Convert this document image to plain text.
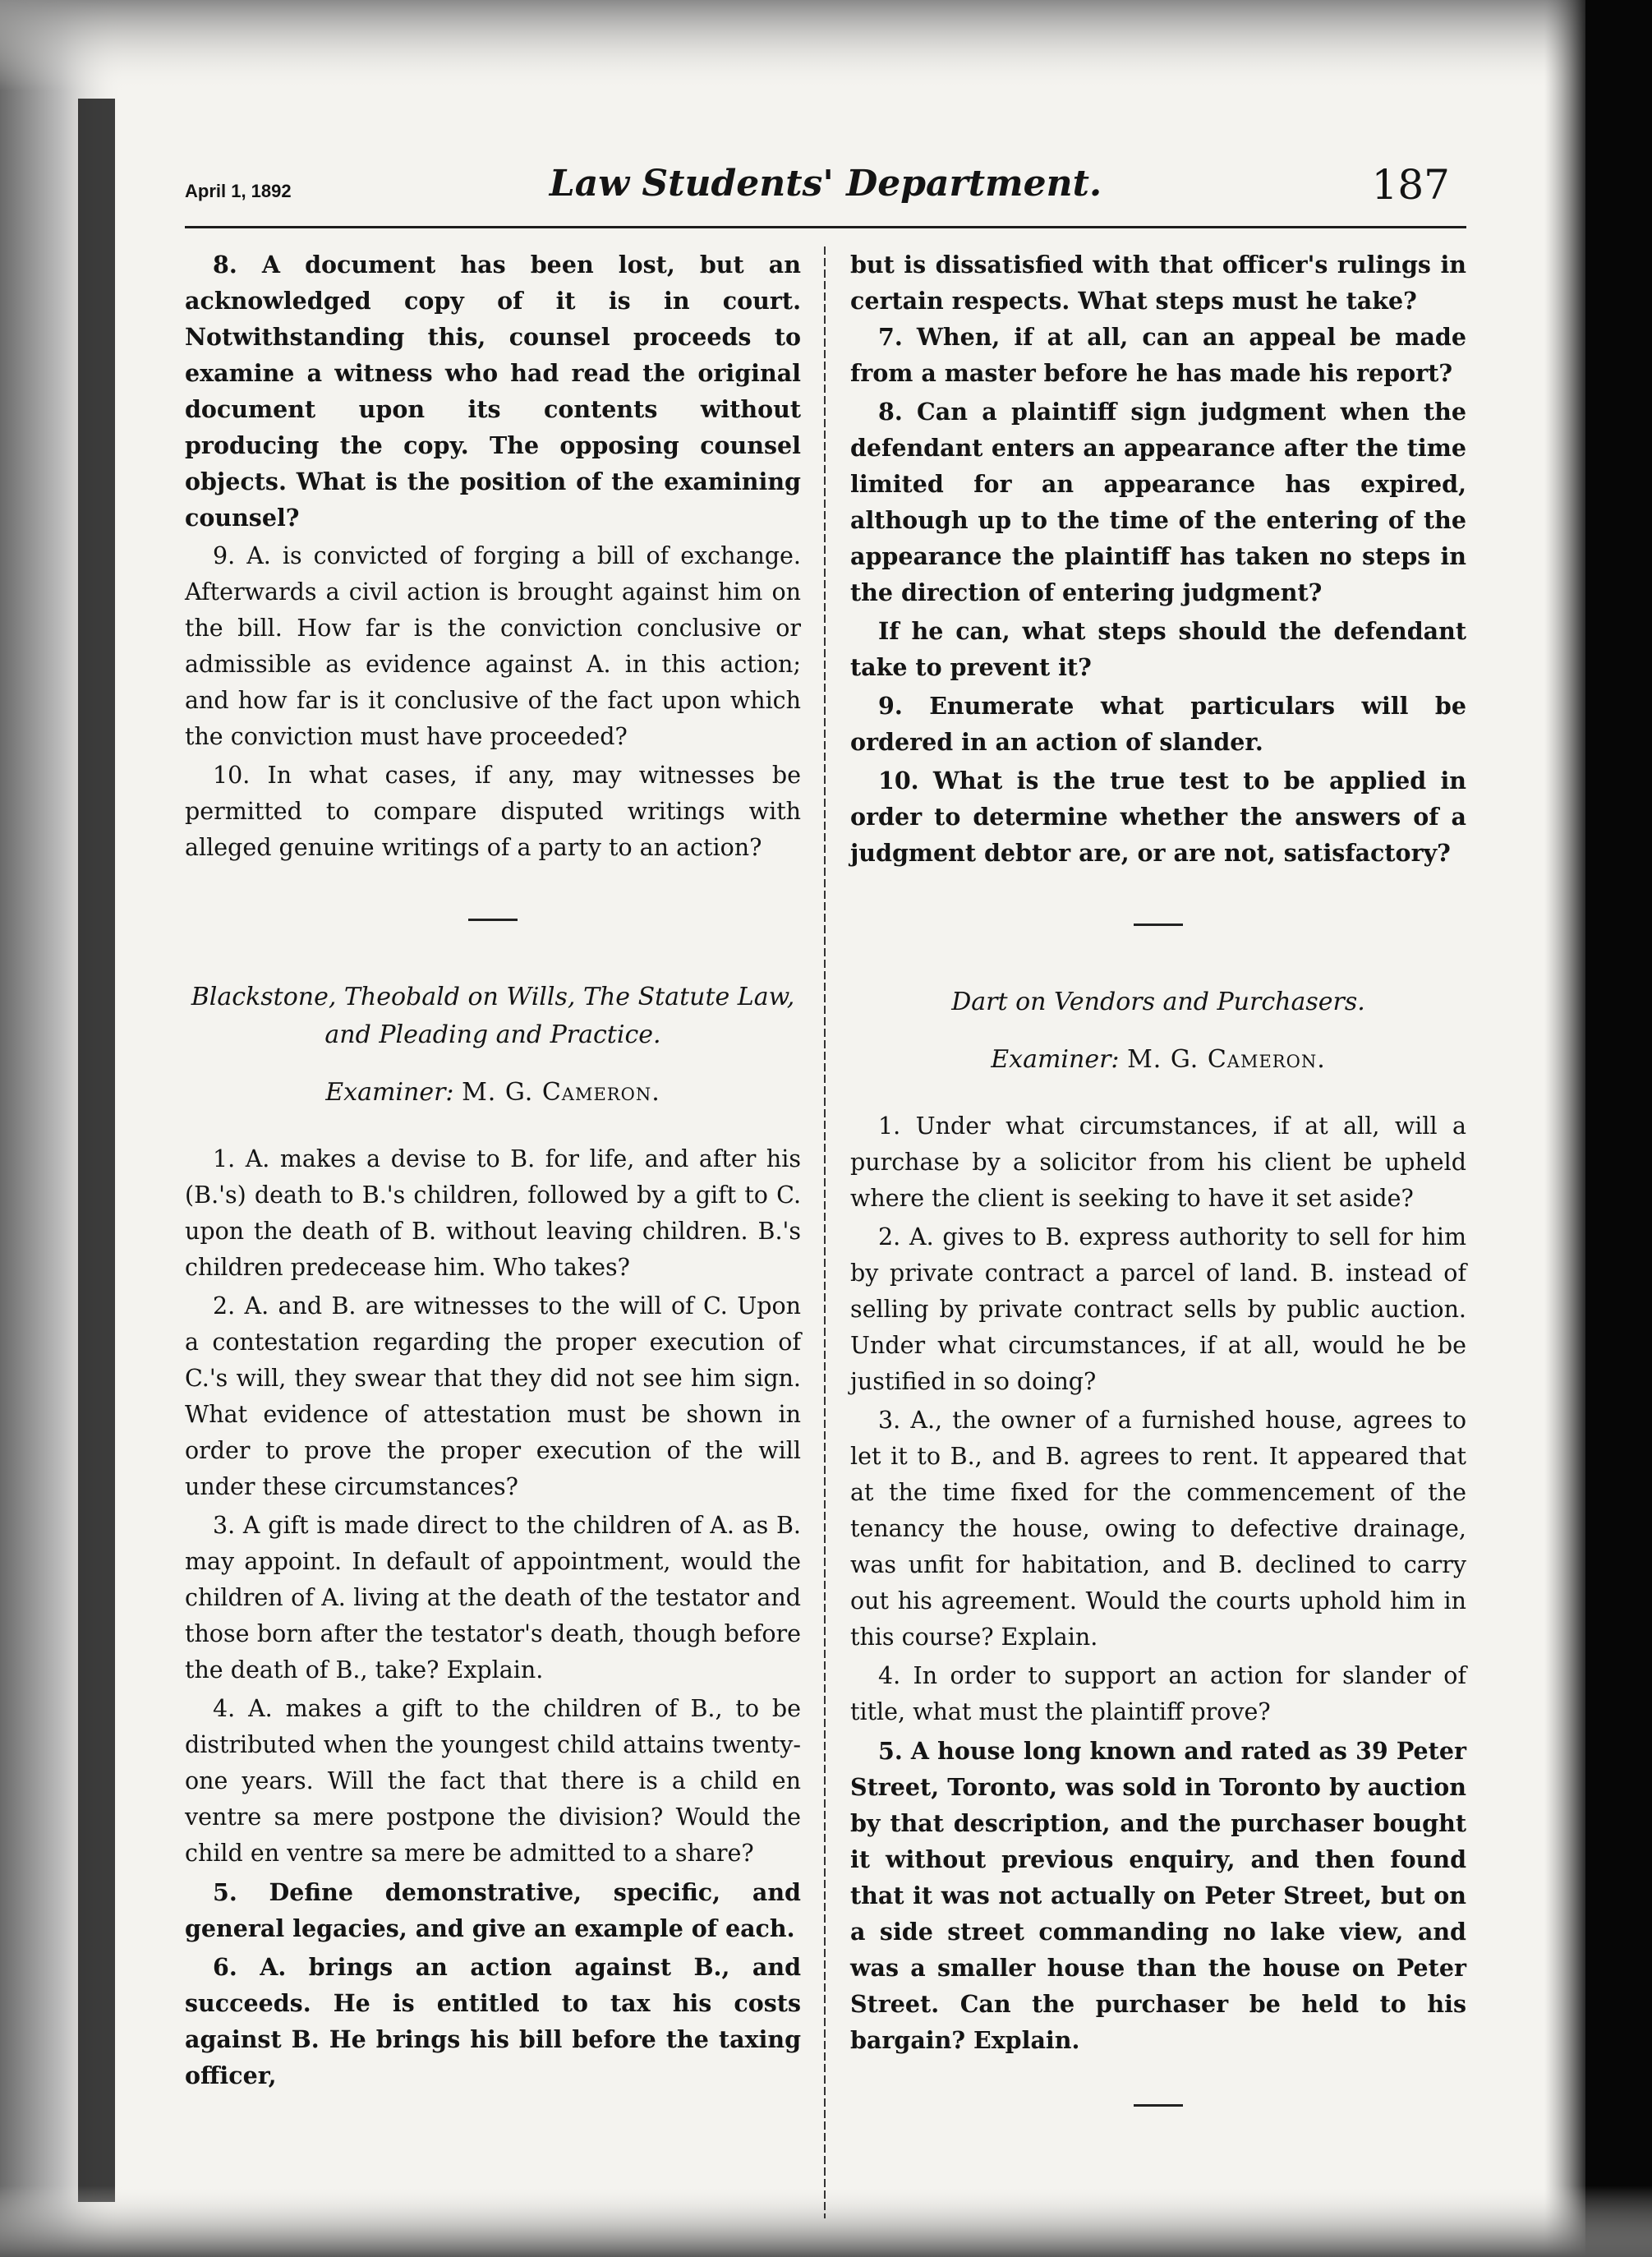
April 1, 1892	Law Students' Department.	187

8. A document has been lost, but an acknowledged copy of it is in court. Notwithstanding this, counsel proceeds to examine a witness who had read the original document upon its contents without producing the copy. The opposing counsel objects. What is the position of the examining counsel?

9. A. is convicted of forging a bill of exchange. Afterwards a civil action is brought against him on the bill. How far is the conviction conclusive or admissible as evidence against A. in this action; and how far is it conclusive of the fact upon which the conviction must have proceeded?

10. In what cases, if any, may witnesses be permitted to compare disputed writings with alleged genuine writings of a party to an action?

Blackstone, Theobald on Wills, The Statute Law, and Pleading and Practice.
Examiner: M. G. Cameron.

1. A. makes a devise to B. for life, and after his (B.'s) death to B.'s children, followed by a gift to C. upon the death of B. without leaving children. B.'s children predecease him. Who takes?

2. A. and B. are witnesses to the will of C. Upon a contestation regarding the proper execution of C.'s will, they swear that they did not see him sign. What evidence of attestation must be shown in order to prove the proper execution of the will under these circumstances?

3. A gift is made direct to the children of A. as B. may appoint. In default of appointment, would the children of A. living at the death of the testator and those born after the testator's death, though before the death of B., take? Explain.

4. A. makes a gift to the children of B., to be distributed when the youngest child attains twenty-one years. Will the fact that there is a child en ventre sa mere postpone the division? Would the child en ventre sa mere be admitted to a share?

5. Define demonstrative, specific, and general legacies, and give an example of each.

6. A. brings an action against B., and succeeds. He is entitled to tax his costs against B. He brings his bill before the taxing officer,

but is dissatisfied with that officer's rulings in certain respects. What steps must he take?

7. When, if at all, can an appeal be made from a master before he has made his report?

8. Can a plaintiff sign judgment when the defendant enters an appearance after the time limited for an appearance has expired, although up to the time of the entering of the appearance the plaintiff has taken no steps in the direction of entering judgment?

If he can, what steps should the defendant take to prevent it?

9. Enumerate what particulars will be ordered in an action of slander.

10. What is the true test to be applied in order to determine whether the answers of a judgment debtor are, or are not, satisfactory?

Dart on Vendors and Purchasers.
Examiner: M. G. Cameron.

1. Under what circumstances, if at all, will a purchase by a solicitor from his client be upheld where the client is seeking to have it set aside?

2. A. gives to B. express authority to sell for him by private contract a parcel of land. B. instead of selling by private contract sells by public auction. Under what circumstances, if at all, would he be justified in so doing?

3. A., the owner of a furnished house, agrees to let it to B., and B. agrees to rent. It appeared that at the time fixed for the commencement of the tenancy the house, owing to defective drainage, was unfit for habitation, and B. declined to carry out his agreement. Would the courts uphold him in this course? Explain.

4. In order to support an action for slander of title, what must the plaintiff prove?

5. A house long known and rated as 39 Peter Street, Toronto, was sold in Toronto by auction by that description, and the purchaser bought it without previous enquiry, and then found that it was not actually on Peter Street, but on a side street commanding no lake view, and was a smaller house than the house on Peter Street. Can the purchaser be held to his bargain? Explain.
